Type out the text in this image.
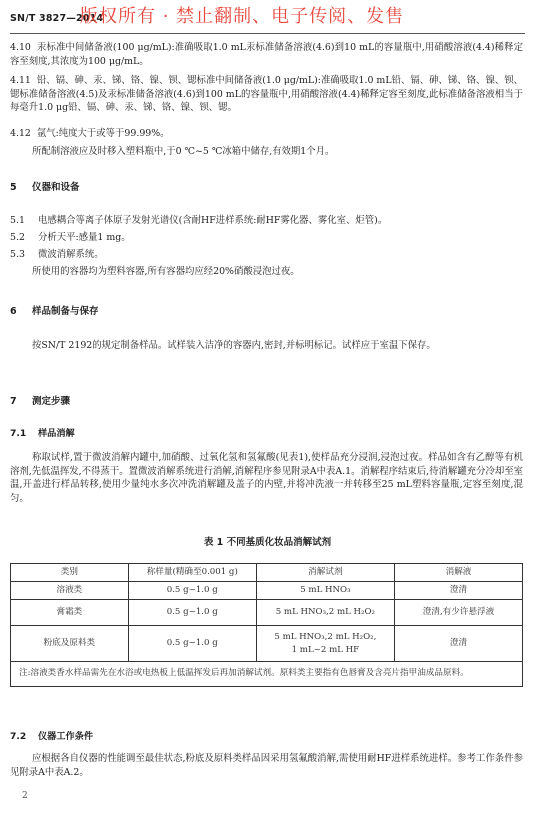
SN/T 3827—2014
版权所有 · 禁止翻制、电子传阅、发售
4.10 汞标准中间储备液(100 μg/mL):准确吸取1.0 mL汞标准储备溶液(4.6)到10 mL的容量瓶中,用硝酸溶液(4.4)稀释定容至刻度,其浓度为100 μg/mL。
4.11 铅、镉、砷、汞、锑、铬、镍、钡、锶标准中间储备液(1.0 μg/mL):准确吸取1.0 mL铅、镉、砷、锑、铬、镍、钡、锶标准储备溶液(4.5)及汞标准储备溶液(4.6)到100 mL的容量瓶中,用硝酸溶液(4.4)稀释定容至刻度,此标准储备溶液相当于每毫升1.0 μg铅、镉、砷、汞、锑、铬、镍、钡、锶。
4.12 氩气:纯度大于或等于99.99%。
所配制溶液应及时移入塑料瓶中,于0 ℃~5 ℃冰箱中储存,有效期1个月。
5 仪器和设备
5.1 电感耦合等离子体原子发射光谱仪(含耐HF进样系统:耐HF雾化器、雾化室、炬管)。
5.2 分析天平:感量1 mg。
5.3 微波消解系统。
所使用的容器均为塑料容器,所有容器均应经20%硝酸浸泡过夜。
6 样品制备与保存
按SN/T 2192的规定制备样品。试样装入洁净的容器内,密封,并标明标记。试样应于室温下保存。
7 测定步骤
7.1 样品消解
称取试样,置于微波消解内罐中,加硝酸、过氧化氢和氢氟酸(见表1),使样品充分浸润,浸泡过夜。样品如含有乙醇等有机溶剂,先低温挥发,不得蒸干。置微波消解系统进行消解,消解程序参见附录A中表A.1。消解程序结束后,待消解罐充分冷却至室温,开盖进行样品转移,使用少量纯水多次冲洗消解罐及盖子的内壁,并将冲洗液一并转移至25 mL塑料容量瓶,定容至刻度,混匀。
表 1 不同基质化妆品消解试剂
类别	称样量(精确至0.001 g)	消解试剂	消解液
溶液类	0.5 g~1.0 g	5 mL HNO₃	澄清
膏霜类	0.5 g~1.0 g	5 mL HNO₃,2 mL H₂O₂	澄清,有少许悬浮液
粉底及原料类	0.5 g~1.0 g	5 mL HNO₃,2 mL H₂O₂,
1 mL~2 mL HF	澄清
注:溶液类香水样品需先在水浴或电热板上低温挥发后再加消解试剂。原料类主要指有色唇膏及含亮片指甲油成品原料。			
7.2 仪器工作条件
应根据各自仪器的性能调至最佳状态,粉底及原料类样品因采用氢氟酸消解,需使用耐HF进样系统进样。参考工作条件参见附录A中表A.2。
2
